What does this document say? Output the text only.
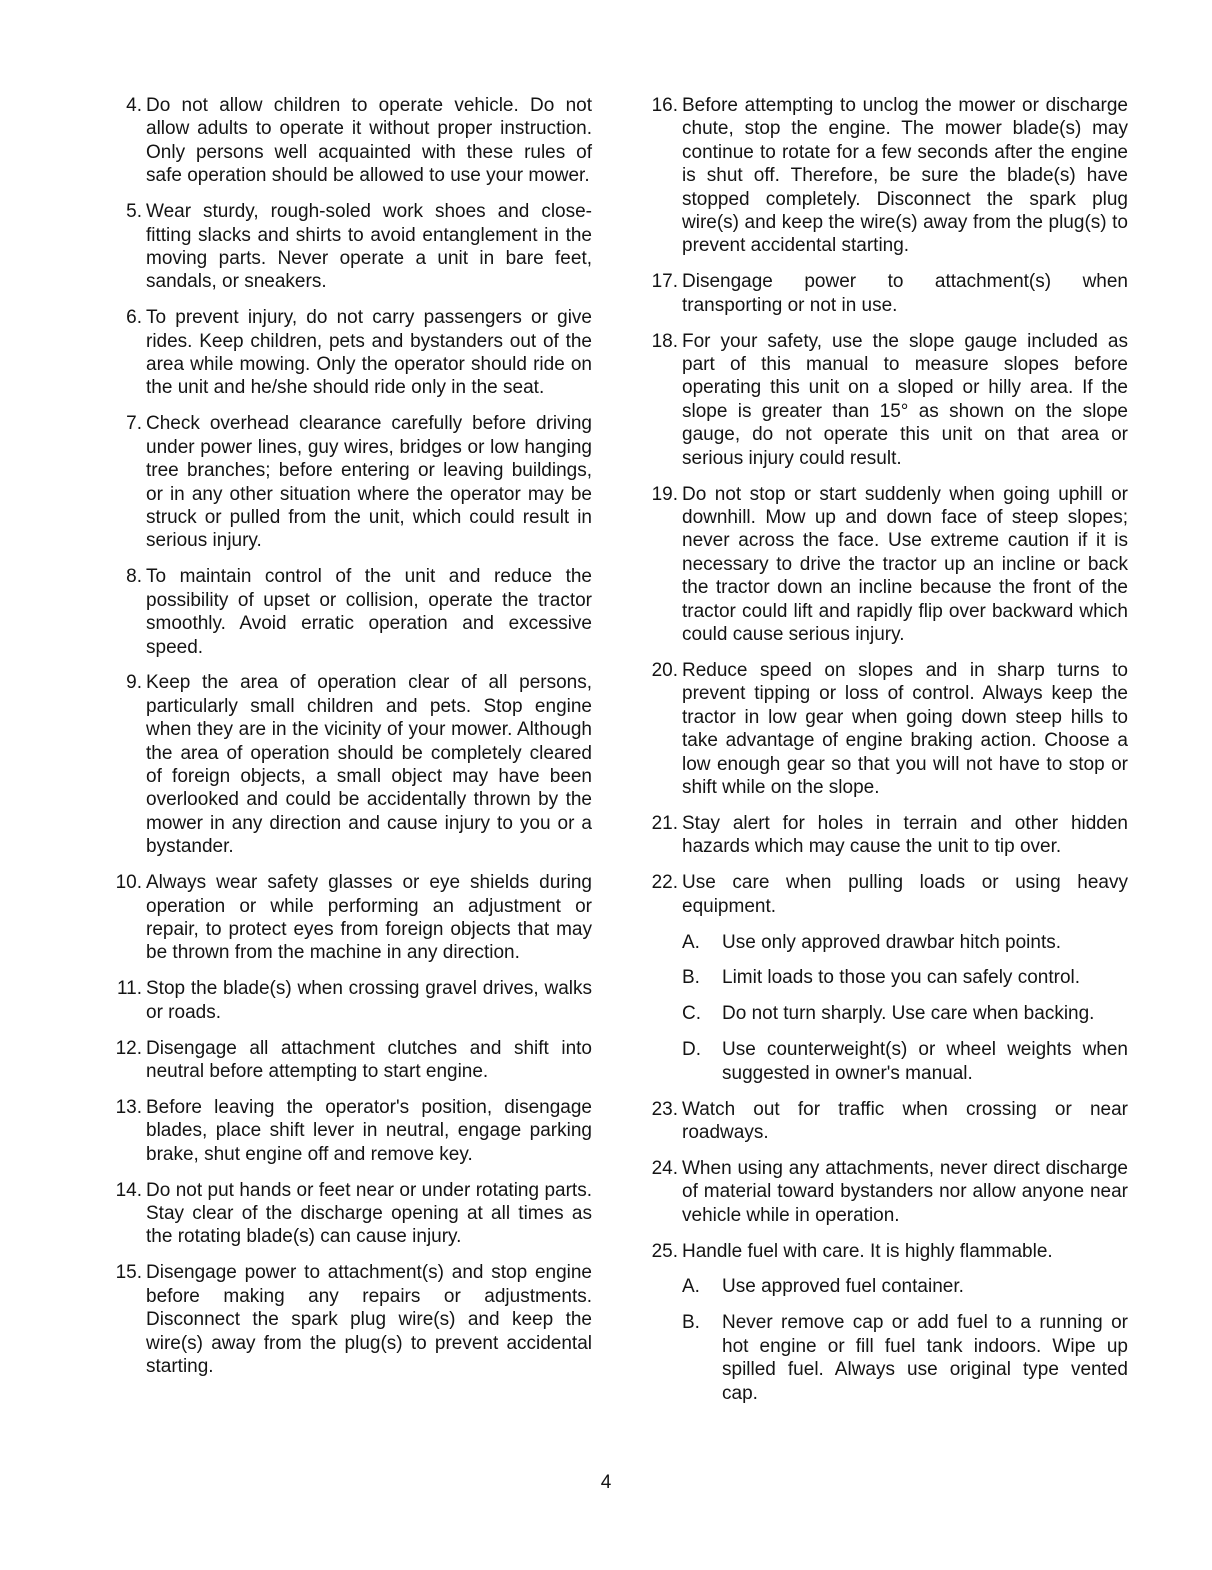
4. Do not allow children to operate vehicle. Do not allow adults to operate it without proper instruction. Only persons well acquainted with these rules of safe operation should be allowed to use your mower.
5. Wear sturdy, rough-soled work shoes and close-fitting slacks and shirts to avoid entanglement in the moving parts. Never operate a unit in bare feet, sandals, or sneakers.
6. To prevent injury, do not carry passengers or give rides. Keep children, pets and bystanders out of the area while mowing. Only the operator should ride on the unit and he/she should ride only in the seat.
7. Check overhead clearance carefully before driving under power lines, guy wires, bridges or low hanging tree branches; before entering or leaving buildings, or in any other situation where the operator may be struck or pulled from the unit, which could result in serious injury.
8. To maintain control of the unit and reduce the possibility of upset or collision, operate the tractor smoothly. Avoid erratic operation and excessive speed.
9. Keep the area of operation clear of all persons, particularly small children and pets. Stop engine when they are in the vicinity of your mower. Although the area of operation should be completely cleared of foreign objects, a small object may have been overlooked and could be accidentally thrown by the mower in any direction and cause injury to you or a bystander.
10. Always wear safety glasses or eye shields during operation or while performing an adjustment or repair, to protect eyes from foreign objects that may be thrown from the machine in any direction.
11. Stop the blade(s) when crossing gravel drives, walks or roads.
12. Disengage all attachment clutches and shift into neutral before attempting to start engine.
13. Before leaving the operator's position, disengage blades, place shift lever in neutral, engage parking brake, shut engine off and remove key.
14. Do not put hands or feet near or under rotating parts. Stay clear of the discharge opening at all times as the rotating blade(s) can cause injury.
15. Disengage power to attachment(s) and stop engine before making any repairs or adjustments. Disconnect the spark plug wire(s) and keep the wire(s) away from the plug(s) to prevent accidental starting.
16. Before attempting to unclog the mower or discharge chute, stop the engine. The mower blade(s) may continue to rotate for a few seconds after the engine is shut off. Therefore, be sure the blade(s) have stopped completely. Disconnect the spark plug wire(s) and keep the wire(s) away from the plug(s) to prevent accidental starting.
17. Disengage power to attachment(s) when transporting or not in use.
18. For your safety, use the slope gauge included as part of this manual to measure slopes before operating this unit on a sloped or hilly area. If the slope is greater than 15° as shown on the slope gauge, do not operate this unit on that area or serious injury could result.
19. Do not stop or start suddenly when going uphill or downhill. Mow up and down face of steep slopes; never across the face. Use extreme caution if it is necessary to drive the tractor up an incline or back the tractor down an incline because the front of the tractor could lift and rapidly flip over backward which could cause serious injury.
20. Reduce speed on slopes and in sharp turns to prevent tipping or loss of control. Always keep the tractor in low gear when going down steep hills to take advantage of engine braking action. Choose a low enough gear so that you will not have to stop or shift while on the slope.
21. Stay alert for holes in terrain and other hidden hazards which may cause the unit to tip over.
22. Use care when pulling loads or using heavy equipment.
A.	Use only approved drawbar hitch points.
B.	Limit loads to those you can safely control.
C.	Do not turn sharply. Use care when backing.
D.	Use counterweight(s) or wheel weights when suggested in owner's manual.
23. Watch out for traffic when crossing or near roadways.
24. When using any attachments, never direct discharge of material toward bystanders nor allow anyone near vehicle while in operation.
25. Handle fuel with care. It is highly flammable.
A.	Use approved fuel container.
B.	Never remove cap or add fuel to a running or hot engine or fill fuel tank indoors. Wipe up spilled fuel. Always use original type vented cap.
4
